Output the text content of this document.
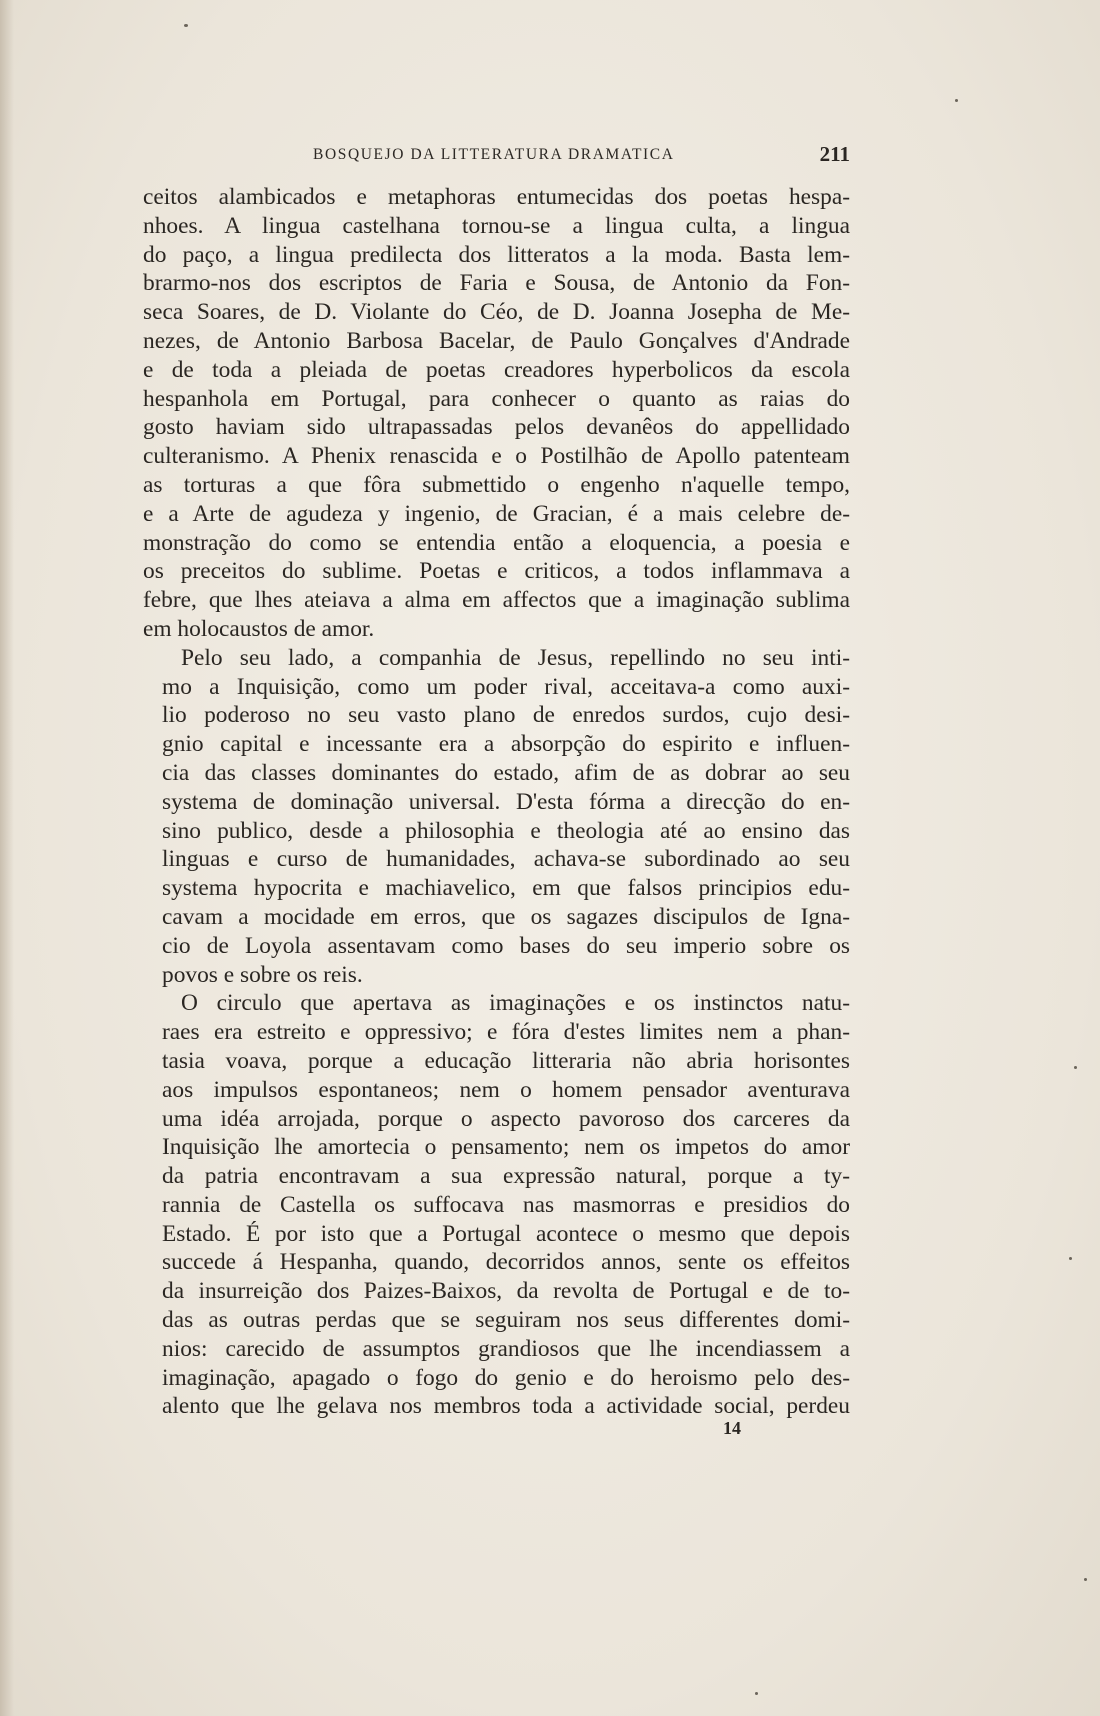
BOSQUEJO DA LITTERATURA DRAMATICA	211

ceitos alambicados e metaphoras entumecidas dos poetas hespa-
nhoes. A lingua castelhana tornou-se a lingua culta, a lingua
do paço, a lingua predilecta dos litteratos a la moda. Basta lem-
brarmo-nos dos escriptos de Faria e Sousa, de Antonio da Fon-
seca Soares, de D. Violante do Céo, de D. Joanna Josepha de Me-
nezes, de Antonio Barbosa Bacelar, de Paulo Gonçalves d'Andrade
e de toda a pleiada de poetas creadores hyperbolicos da escola
hespanhola em Portugal, para conhecer o quanto as raias do
gosto haviam sido ultrapassadas pelos devanêos do appellidado
culteranismo. A Phenix renascida e o Postilhão de Apollo patenteam
as torturas a que fôra submettido o engenho n'aquelle tempo,
e a Arte de agudeza y ingenio, de Gracian, é a mais celebre de-
monstração do como se entendia então a eloquencia, a poesia e
os preceitos do sublime. Poetas e criticos, a todos inflammava a
febre, que lhes ateiava a alma em affectos que a imaginação sublima
em holocaustos de amor.

Pelo seu lado, a companhia de Jesus, repellindo no seu inti-
mo a Inquisição, como um poder rival, acceitava-a como auxi-
lio poderoso no seu vasto plano de enredos surdos, cujo desi-
gnio capital e incessante era a absorpção do espirito e influen-
cia das classes dominantes do estado, afim de as dobrar ao seu
systema de dominação universal. D'esta fórma a direcção do en-
sino publico, desde a philosophia e theologia até ao ensino das
linguas e curso de humanidades, achava-se subordinado ao seu
systema hypocrita e machiavelico, em que falsos principios edu-
cavam a mocidade em erros, que os sagazes discipulos de Igna-
cio de Loyola assentavam como bases do seu imperio sobre os
povos e sobre os reis.

O circulo que apertava as imaginações e os instinctos natu-
raes era estreito e oppressivo; e fóra d'estes limites nem a phan-
tasia voava, porque a educação litteraria não abria horisontes
aos impulsos espontaneos; nem o homem pensador aventurava
uma idéa arrojada, porque o aspecto pavoroso dos carceres da
Inquisição lhe amortecia o pensamento; nem os impetos do amor
da patria encontravam a sua expressão natural, porque a ty-
rannia de Castella os suffocava nas masmorras e presidios do
Estado. É por isto que a Portugal acontece o mesmo que depois
succede á Hespanha, quando, decorridos annos, sente os effeitos
da insurreição dos Paizes-Baixos, da revolta de Portugal e de to-
das as outras perdas que se seguiram nos seus differentes domi-
nios: carecido de assumptos grandiosos que lhe incendiassem a
imaginação, apagado o fogo do genio e do heroismo pelo des-
alento que lhe gelava nos membros toda a actividade social, perdeu

14
